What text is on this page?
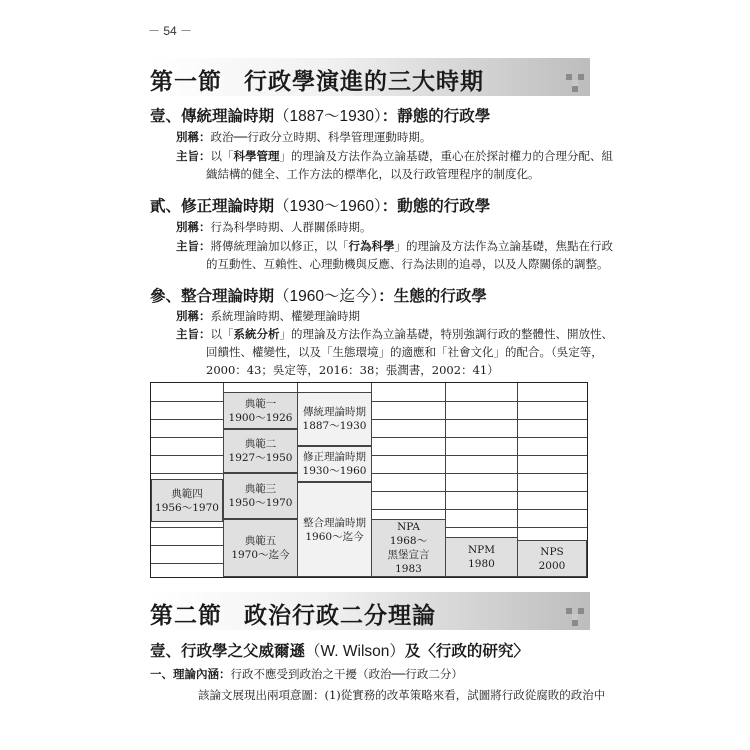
－ 54 －
第一節 行政學演進的三大時期
壹、傳統理論時期（1887～1930）：靜態的行政學
別稱：政治──行政分立時期、科學管理運動時期。
主旨：以「科學管理」的理論及方法作為立論基礎，重心在於探討權力的合理分配、組
織結構的健全、工作方法的標準化，以及行政管理程序的制度化。
貳、修正理論時期（1930～1960）：動態的行政學
別稱：行為科學時期、人群關係時期。
主旨：將傳統理論加以修正，以「行為科學」的理論及方法作為立論基礎，焦點在行政
的互動性、互賴性、心理動機與反應、行為法則的追尋，以及人際關係的調整。
參、整合理論時期（1960～迄今）：生態的行政學
別稱：系統理論時期、權變理論時期
主旨：以「系統分析」的理論及方法作為立論基礎，特別強調行政的整體性、開放性、
回饋性、權變性，以及「生態環境」的適應和「社會文化」的配合。（吳定等，
2000：43；吳定等，2016：38；張潤書，2002：41）
典範一
1900～1926
典範二
1927～1950
典範三
1950～1970
典範四
1956～1970
典範五
1970～迄今
傳統理論時期
1887～1930
修正理論時期
1930～1960
整合理論時期
1960～迄今
NPA
1968～
黑堡宣言
1983
NPM
1980
NPS
2000
第二節 政治行政二分理論
壹、行政學之父威爾遜（W. Wilson）及〈行政的研究〉
一、理論內涵：行政不應受到政治之干擾（政治──行政二分）
該論文展現出兩項意圖：(1)從實務的改革策略來看，試圖將行政從腐敗的政治中
